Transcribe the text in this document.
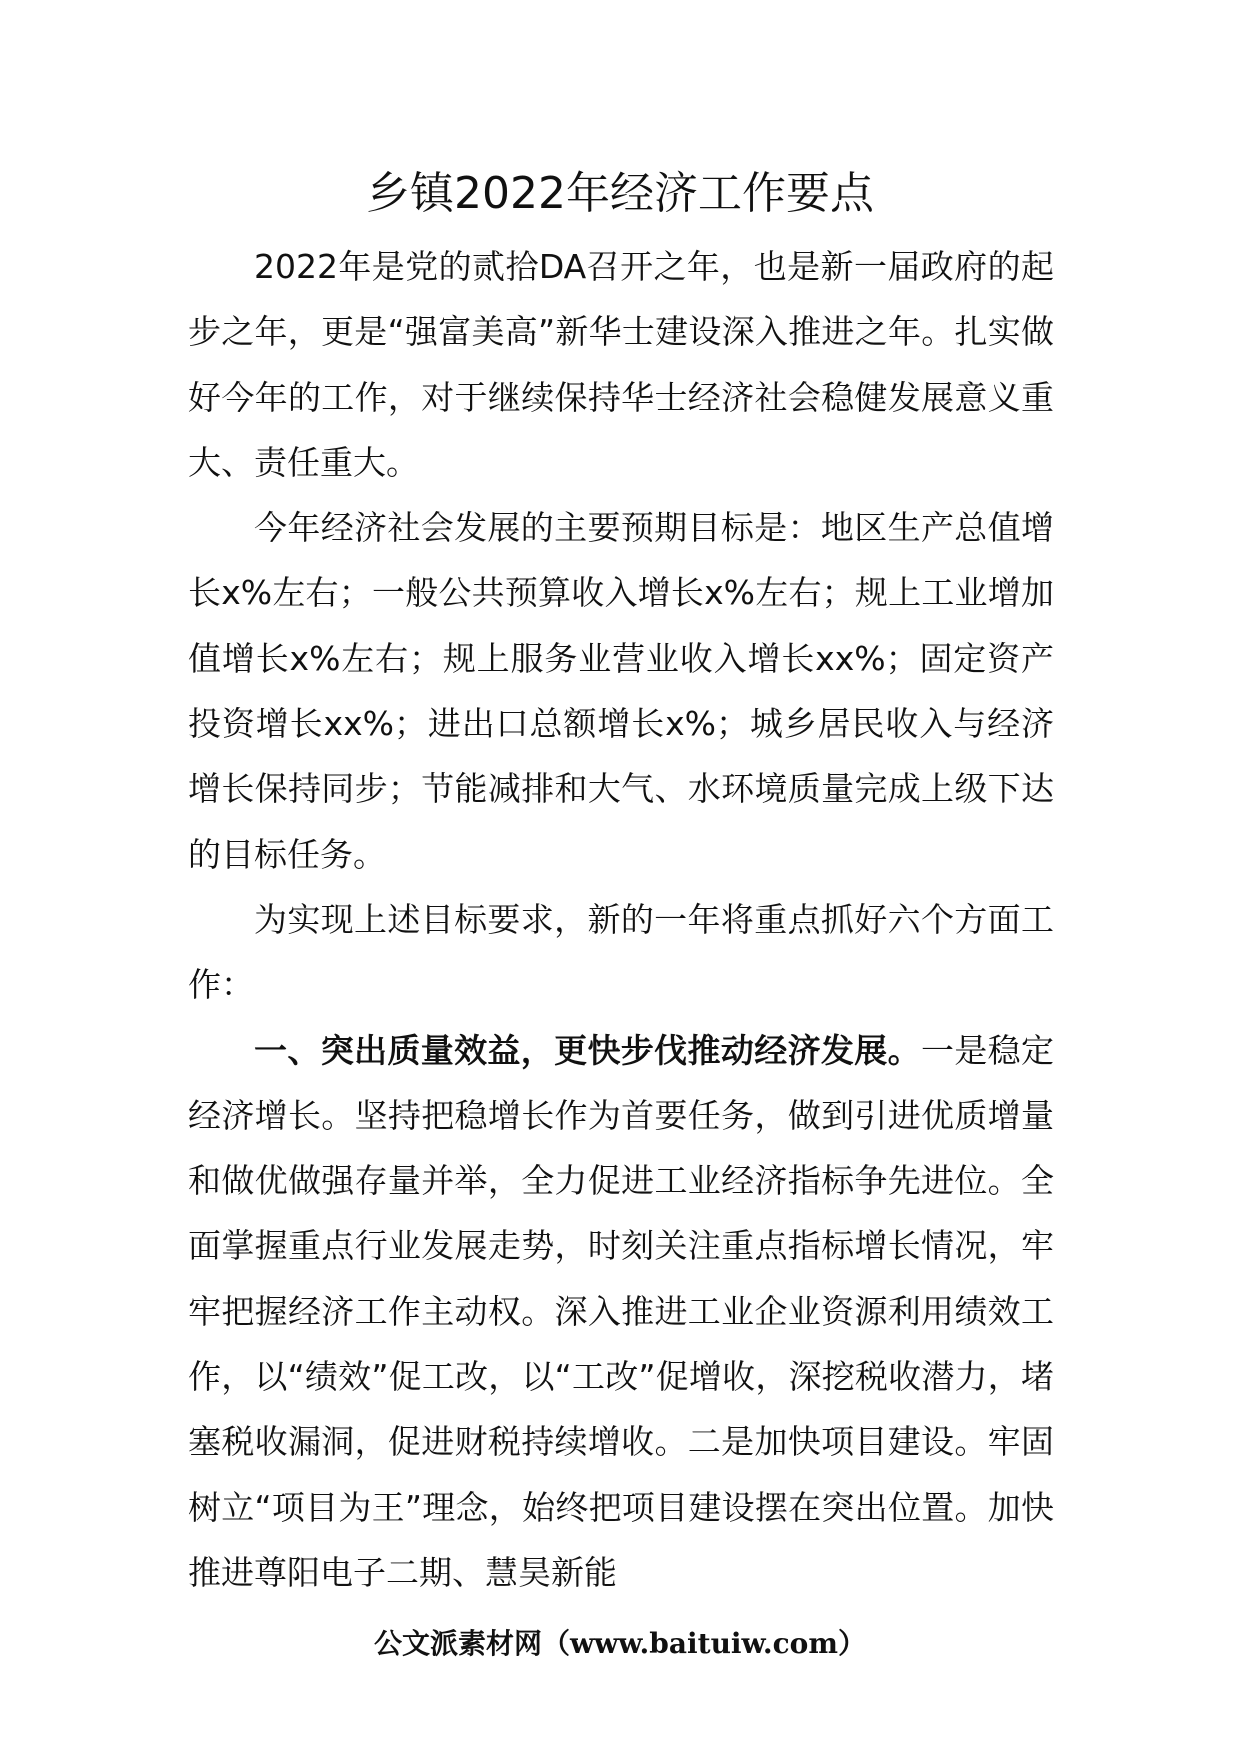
乡镇2022年经济工作要点

2022年是党的贰拾DA召开之年，也是新一届政府的起步之年，更是“强富美高”新华士建设深入推进之年。扎实做好今年的工作，对于继续保持华士经济社会稳健发展意义重大、责任重大。

今年经济社会发展的主要预期目标是：地区生产总值增长x%左右；一般公共预算收入增长x%左右；规上工业增加值增长x%左右；规上服务业营业收入增长xx%；固定资产投资增长xx%；进出口总额增长x%；城乡居民收入与经济增长保持同步；节能减排和大气、水环境质量完成上级下达的目标任务。

为实现上述目标要求，新的一年将重点抓好六个方面工作：

一、突出质量效益，更快步伐推动经济发展。一是稳定经济增长。坚持把稳增长作为首要任务，做到引进优质增量和做优做强存量并举，全力促进工业经济指标争先进位。全面掌握重点行业发展走势，时刻关注重点指标增长情况，牢牢把握经济工作主动权。深入推进工业企业资源利用绩效工作，以“绩效”促工改，以“工改”促增收，深挖税收潜力，堵塞税收漏洞，促进财税持续增收。二是加快项目建设。牢固树立“项目为王”理念，始终把项目建设摆在突出位置。加快推进尊阳电子二期、慧昊新能

公文派素材网（www.baituiw.com）
